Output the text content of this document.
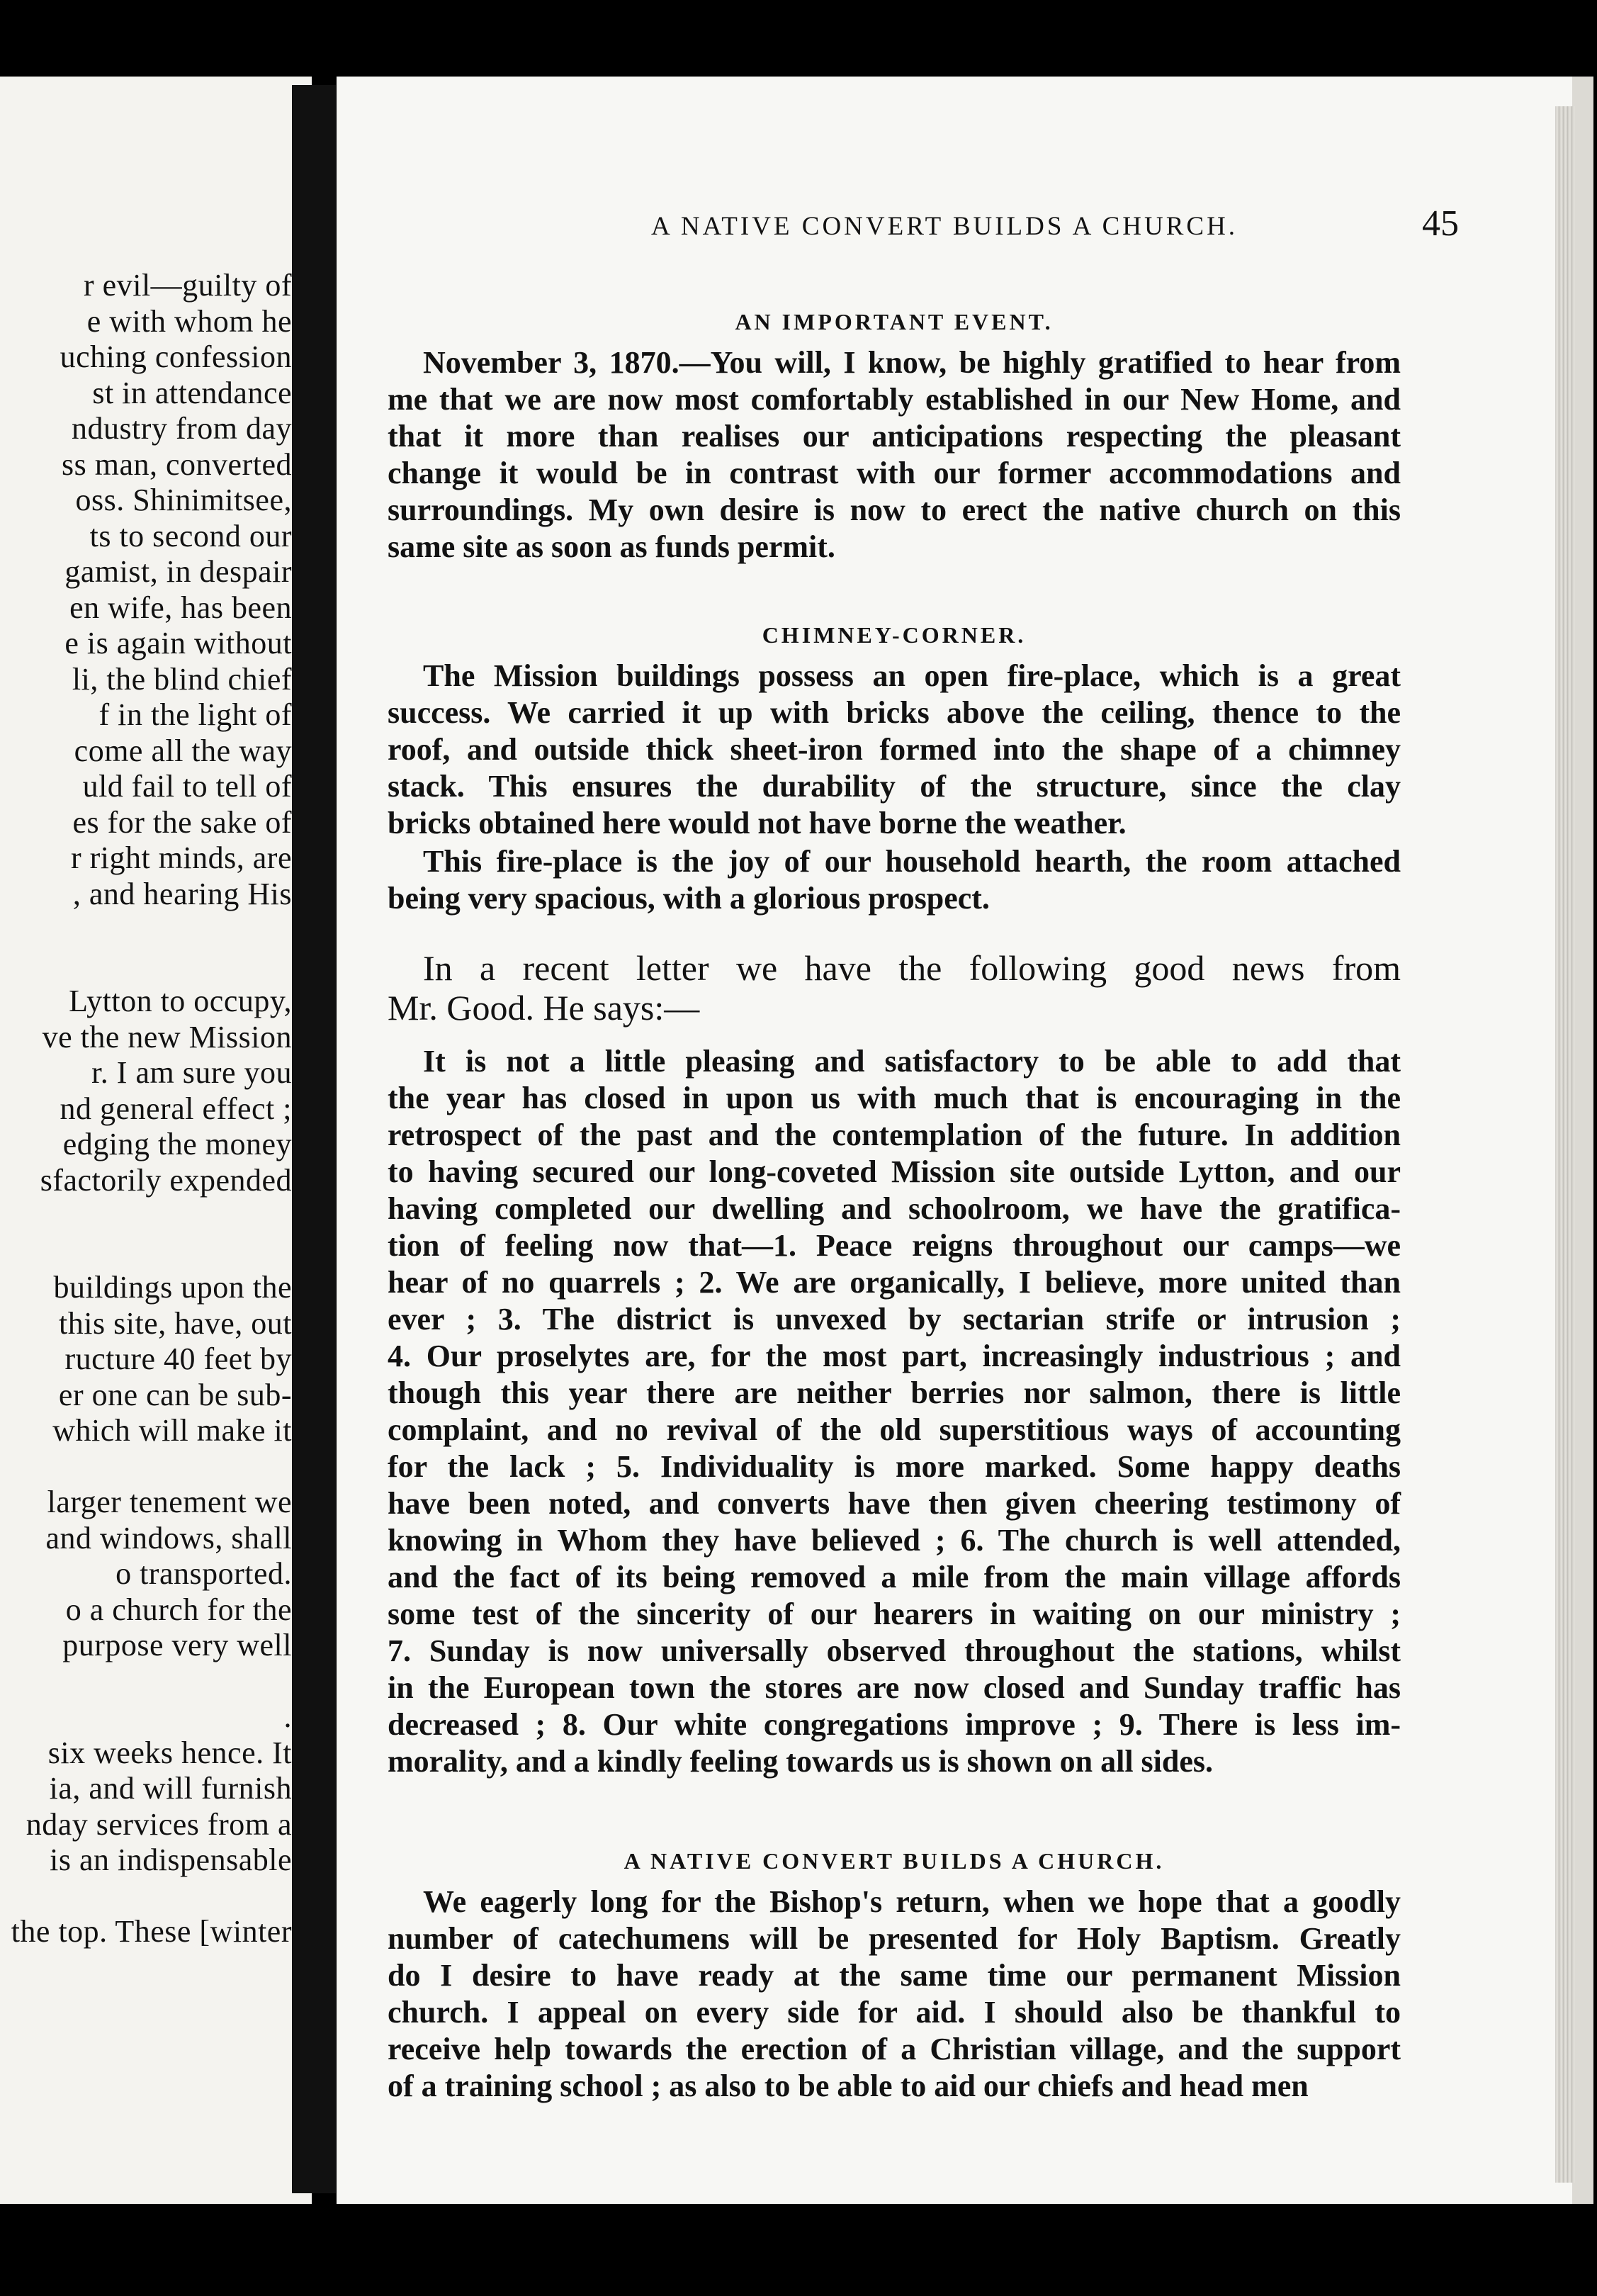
r evil—guilty of
e with whom he
uching confession
st in attendance
ndustry from day
ss man, converted
oss. Shinimitsee,
ts to second our
gamist, in despair
en wife, has been
e is again without
li, the blind chief
f in the light of
come all the way
uld fail to tell of
es for the sake of
r right minds, are
, and hearing His
Lytton to occupy,
ve the new Mission
r. I am sure you
nd general effect ;
edging the money
sfactorily expended
buildings upon the
this site, have, out
ructure 40 feet by
er one can be sub-
which will make it
larger tenement we
and windows, shall
o transported.
o a church for the
purpose very well
.
six weeks hence. It
ia, and will furnish
nday services from a
is an indispensable
the top. These [winter
A NATIVE CONVERT BUILDS A CHURCH.	45
AN IMPORTANT EVENT.
November 3, 1870.—You will, I know, be highly gratified to hear from
me that we are now most comfortably established in our New Home, and
that it more than realises our anticipations respecting the pleasant
change it would be in contrast with our former accommodations and
surroundings. My own desire is now to erect the native church on this
same site as soon as funds permit.
CHIMNEY-CORNER.
The Mission buildings possess an open fire-place, which is a great
success. We carried it up with bricks above the ceiling, thence to the
roof, and outside thick sheet-iron formed into the shape of a chimney
stack. This ensures the durability of the structure, since the clay
bricks obtained here would not have borne the weather.
This fire-place is the joy of our household hearth, the room attached
being very spacious, with a glorious prospect.
In a recent letter we have the following good news from
Mr. Good. He says:—
It is not a little pleasing and satisfactory to be able to add that
the year has closed in upon us with much that is encouraging in the
retrospect of the past and the contemplation of the future. In addition
to having secured our long-coveted Mission site outside Lytton, and our
having completed our dwelling and schoolroom, we have the gratifica-
tion of feeling now that—1. Peace reigns throughout our camps—we
hear of no quarrels ; 2. We are organically, I believe, more united than
ever ; 3. The district is unvexed by sectarian strife or intrusion ;
4. Our proselytes are, for the most part, increasingly industrious ; and
though this year there are neither berries nor salmon, there is little
complaint, and no revival of the old superstitious ways of accounting
for the lack ; 5. Individuality is more marked. Some happy deaths
have been noted, and converts have then given cheering testimony of
knowing in Whom they have believed ; 6. The church is well attended,
and the fact of its being removed a mile from the main village affords
some test of the sincerity of our hearers in waiting on our ministry ;
7. Sunday is now universally observed throughout the stations, whilst
in the European town the stores are now closed and Sunday traffic has
decreased ; 8. Our white congregations improve ; 9. There is less im-
morality, and a kindly feeling towards us is shown on all sides.
A NATIVE CONVERT BUILDS A CHURCH.
We eagerly long for the Bishop's return, when we hope that a goodly
number of catechumens will be presented for Holy Baptism. Greatly
do I desire to have ready at the same time our permanent Mission
church. I appeal on every side for aid. I should also be thankful to
receive help towards the erection of a Christian village, and the support
of a training school ; as also to be able to aid our chiefs and head men
